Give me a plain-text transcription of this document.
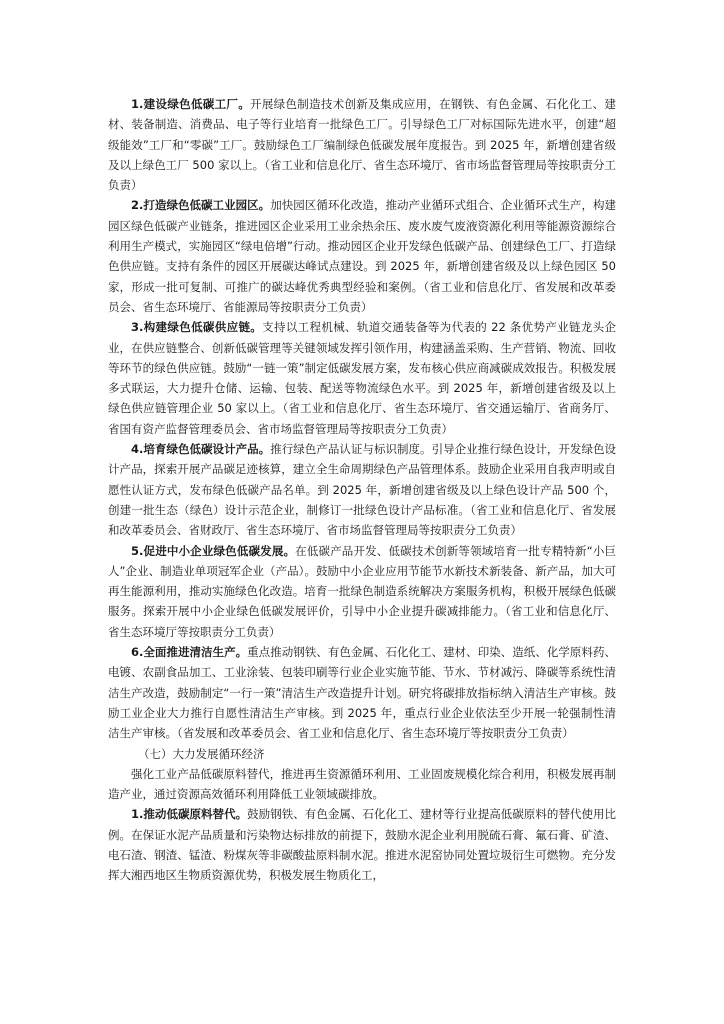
1.建设绿色低碳工厂。开展绿色制造技术创新及集成应用，在钢铁、有色金属、石化化工、建材、装备制造、消费品、电子等行业培育一批绿色工厂。引导绿色工厂对标国际先进水平，创建“超级能效”工厂和“零碳”工厂。鼓励绿色工厂编制绿色低碳发展年度报告。到 2025 年，新增创建省级及以上绿色工厂 500 家以上。（省工业和信息化厅、省生态环境厅、省市场监督管理局等按职责分工负责）

2.打造绿色低碳工业园区。加快园区循环化改造，推动产业循环式组合、企业循环式生产，构建园区绿色低碳产业链条，推进园区企业采用工业余热余压、废水废气废液资源化利用等能源资源综合利用生产模式，实施园区“绿电倍增”行动。推动园区企业开发绿色低碳产品、创建绿色工厂、打造绿色供应链。支持有条件的园区开展碳达峰试点建设。到 2025 年，新增创建省级及以上绿色园区 50 家，形成一批可复制、可推广的碳达峰优秀典型经验和案例。（省工业和信息化厅、省发展和改革委员会、省生态环境厅、省能源局等按职责分工负责）

3.构建绿色低碳供应链。支持以工程机械、轨道交通装备等为代表的 22 条优势产业链龙头企业，在供应链整合、创新低碳管理等关键领域发挥引领作用，构建涵盖采购、生产营销、物流、回收等环节的绿色供应链。鼓励“一链一策”制定低碳发展方案，发布核心供应商减碳成效报告。积极发展多式联运，大力提升仓储、运输、包装、配送等物流绿色水平。到 2025 年，新增创建省级及以上绿色供应链管理企业 50 家以上。（省工业和信息化厅、省生态环境厅、省交通运输厅、省商务厅、省国有资产监督管理委员会、省市场监督管理局等按职责分工负责）

4.培育绿色低碳设计产品。推行绿色产品认证与标识制度。引导企业推行绿色设计，开发绿色设计产品，探索开展产品碳足迹核算，建立全生命周期绿色产品管理体系。鼓励企业采用自我声明或自愿性认证方式，发布绿色低碳产品名单。到 2025 年，新增创建省级及以上绿色设计产品 500 个，创建一批生态（绿色）设计示范企业，制修订一批绿色设计产品标准。（省工业和信息化厅、省发展和改革委员会、省财政厅、省生态环境厅、省市场监督管理局等按职责分工负责）

5.促进中小企业绿色低碳发展。在低碳产品开发、低碳技术创新等领域培育一批专精特新“小巨人”企业、制造业单项冠军企业（产品）。鼓励中小企业应用节能节水新技术新装备、新产品，加大可再生能源利用，推动实施绿色化改造。培育一批绿色制造系统解决方案服务机构，积极开展绿色低碳服务。探索开展中小企业绿色低碳发展评价，引导中小企业提升碳减排能力。（省工业和信息化厅、省生态环境厅等按职责分工负责）

6.全面推进清洁生产。重点推动钢铁、有色金属、石化化工、建材、印染、造纸、化学原料药、电镀、农副食品加工、工业涂装、包装印刷等行业企业实施节能、节水、节材减污、降碳等系统性清洁生产改造，鼓励制定“一行一策”清洁生产改造提升计划。研究将碳排放指标纳入清洁生产审核。鼓励工业企业大力推行自愿性清洁生产审核。到 2025 年，重点行业企业依法至少开展一轮强制性清洁生产审核。（省发展和改革委员会、省工业和信息化厅、省生态环境厅等按职责分工负责）

（七）大力发展循环经济

强化工业产品低碳原料替代，推进再生资源循环利用、工业固废规模化综合利用，积极发展再制造产业，通过资源高效循环利用降低工业领域碳排放。

1.推动低碳原料替代。鼓励钢铁、有色金属、石化化工、建材等行业提高低碳原料的替代使用比例。在保证水泥产品质量和污染物达标排放的前提下，鼓励水泥企业利用脱硫石膏、氟石膏、矿渣、电石渣、钢渣、锰渣、粉煤灰等非碳酸盐原料制水泥。推进水泥窑协同处置垃圾衍生可燃物。充分发挥大湘西地区生物质资源优势，积极发展生物质化工，
